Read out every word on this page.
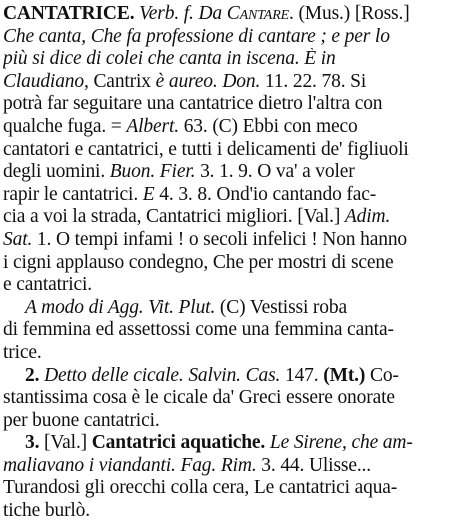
CANTATRICE. Verb. f. Da Cantare. (Mus.) [Ross.]
Che canta, Che fa professione di cantare ; e per lo
più si dice di colei che canta in iscena. È in
Claudiano, Cantrix è aureo. Don. 11. 22. 78. Si
potrà far seguitare una cantatrice dietro l'altra con
qualche fuga. = Albert. 63. (C) Ebbi con meco
cantatori e cantatrici, e tutti i delicamenti de' figliuoli
degli uomini. Buon. Fier. 3. 1. 9. O va' a voler
rapir le cantatrici. E 4. 3. 8. Ond'io cantando fac-
cia a voi la strada, Cantatrici migliori. [Val.] Adim.
Sat. 1. O tempi infami ! o secoli infelici ! Non hanno
i cigni applauso condegno, Che per mostri di scene
e cantatrici.
A modo di Agg. Vit. Plut. (C) Vestissi roba
di femmina ed assettossi come una femmina canta-
trice.
2. Detto delle cicale. Salvin. Cas. 147. (Mt.) Co-
stantissima cosa è le cicale da' Greci essere onorate
per buone cantatrici.
3. [Val.] Cantatrici aquatiche. Le Sirene, che am-
maliavano i viandanti. Fag. Rim. 3. 44. Ulisse...
Turandosi gli orecchi colla cera, Le cantatrici aqua-
tiche burlò.
